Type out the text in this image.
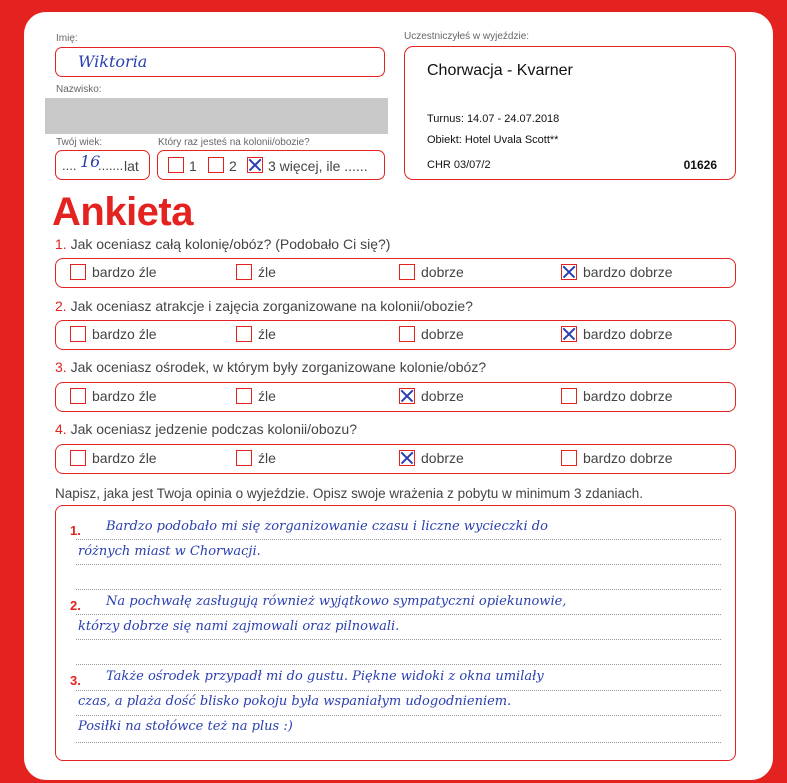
Imię:
Wiktoria
Nazwisko:
Twój wiek:
.... 16
....... lat
Który raz jesteś na kolonii/obozie?
1 2 3 więcej, ile ......
Uczestniczyłeś w wyjeździe:
Chorwacja - Kvarner
Turnus: 14.07 - 24.07.2018
Obiekt: Hotel Uvala Scott**
CHR 03/07/2	01626
Ankieta
1. Jak oceniasz całą kolonię/obóz? (Podobało Ci się?)
bardzo źle	źle	dobrze	bardzo dobrze
2. Jak oceniasz atrakcje i zajęcia zorganizowane na kolonii/obozie?
bardzo źle	źle	dobrze	bardzo dobrze
3. Jak oceniasz ośrodek, w którym były zorganizowane kolonie/obóz?
bardzo źle	źle	dobrze	bardzo dobrze
4. Jak oceniasz jedzenie podczas kolonii/obozu?
bardzo źle	źle	dobrze	bardzo dobrze
Napisz, jaka jest Twoja opinia o wyjeździe. Opisz swoje wrażenia z pobytu w minimum 3 zdaniach.
1. Bardzo podobało mi się zorganizowanie czasu i liczne wycieczki do
różnych miast w Chorwacji.
2. Na pochwałę zasługują również wyjątkowo sympatyczni opiekunowie,
którzy dobrze się nami zajmowali oraz pilnowali.
3. Także ośrodek przypadł mi do gustu. Piękne widoki z okna umilały
czas, a plaża dość blisko pokoju była wspaniałym udogodnieniem.
Posiłki na stołówce też na plus :)
